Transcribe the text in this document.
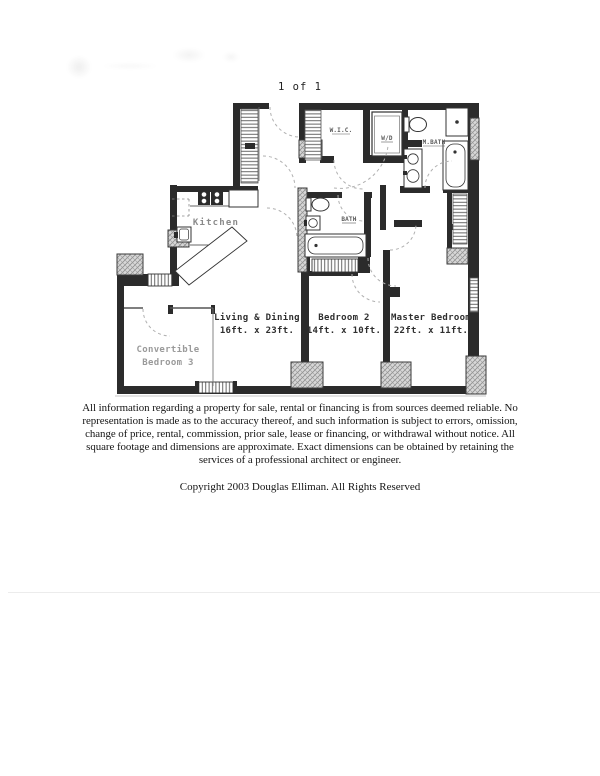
1 of 1
Kitchen
Living & Dining
16ft. x 23ft.
Bedroom 2
14ft. x 10ft.
Master Bedroom
22ft. x 11ft.
Convertible
Bedroom 3
W.I.C.
W/D
M.BATH
BATH
All information regarding a property for sale, rental or financing is from sources deemed reliable. No
representation is made as to the accuracy thereof, and such information is subject to errors, omission,
change of price, rental, commission, prior sale, lease or financing, or withdrawal without notice. All
square footage and dimensions are approximate. Exact dimensions can be obtained by retaining the
services of a professional architect or engineer.
Copyright 2003 Douglas Elliman. All Rights Reserved
